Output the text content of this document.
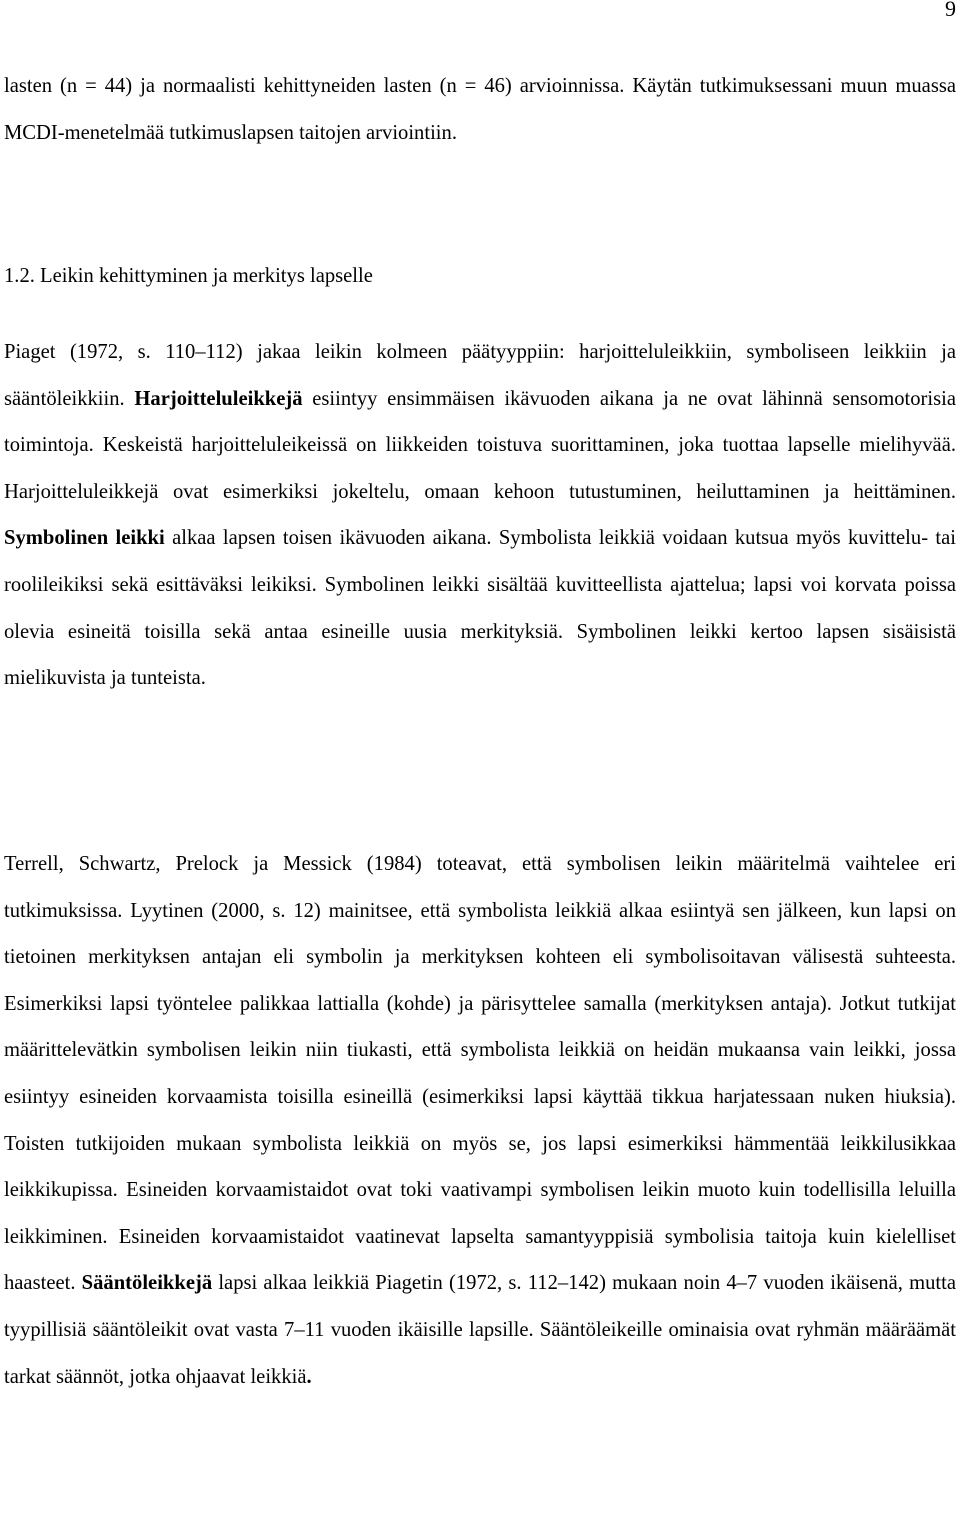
9

lasten (n = 44) ja normaalisti kehittyneiden lasten (n = 46) arvioinnissa. Käytän tutkimuksessani muun muassa MCDI-menetelmää tutkimuslapsen taitojen arviointiin.

1.2. Leikin kehittyminen ja merkitys lapselle

Piaget (1972, s. 110–112) jakaa leikin kolmeen päätyyppiin: harjoitteluleikkiin, symboliseen leikkiin ja sääntöleikkiin. Harjoitteluleikkejä esiintyy ensimmäisen ikävuoden aikana ja ne ovat lähinnä sensomotorisia toimintoja. Keskeistä harjoitteluleikeissä on liikkeiden toistuva suorittaminen, joka tuottaa lapselle mielihyvää. Harjoitteluleikkejä ovat esimerkiksi jokeltelu, omaan kehoon tutustuminen, heiluttaminen ja heittäminen. Symbolinen leikki alkaa lapsen toisen ikävuoden aikana. Symbolista leikkiä voidaan kutsua myös kuvittelu- tai roolileikiksi sekä esittäväksi leikiksi. Symbolinen leikki sisältää kuvitteellista ajattelua; lapsi voi korvata poissa olevia esineitä toisilla sekä antaa esineille uusia merkityksiä. Symbolinen leikki kertoo lapsen sisäisistä mielikuvista ja tunteista.

Terrell, Schwartz, Prelock ja Messick (1984) toteavat, että symbolisen leikin määritelmä vaihtelee eri tutkimuksissa. Lyytinen (2000, s. 12) mainitsee, että symbolista leikkiä alkaa esiintyä sen jälkeen, kun lapsi on tietoinen merkityksen antajan eli symbolin ja merkityksen kohteen eli symbolisoitavan välisestä suhteesta. Esimerkiksi lapsi työntelee palikkaa lattialla (kohde) ja pärisyttelee samalla (merkityksen antaja). Jotkut tutkijat määrittelevätkin symbolisen leikin niin tiukasti, että symbolista leikkiä on heidän mukaansa vain leikki, jossa esiintyy esineiden korvaamista toisilla esineillä (esimerkiksi lapsi käyttää tikkua harjatessaan nuken hiuksia). Toisten tutkijoiden mukaan symbolista leikkiä on myös se, jos lapsi esimerkiksi hämmentää leikkilusikkaa leikkikupissa. Esineiden korvaamistaidot ovat toki vaativampi symbolisen leikin muoto kuin todellisilla leluilla leikkiminen. Esineiden korvaamistaidot vaatinevat lapselta samantyyppisiä symbolisia taitoja kuin kielelliset haasteet. Sääntöleikkejä lapsi alkaa leikkiä Piagetin (1972, s. 112–142) mukaan noin 4–7 vuoden ikäisenä, mutta tyypillisiä sääntöleikit ovat vasta 7–11 vuoden ikäisille lapsille. Sääntöleikeille ominaisia ovat ryhmän määräämät tarkat säännöt, jotka ohjaavat leikkiä.
